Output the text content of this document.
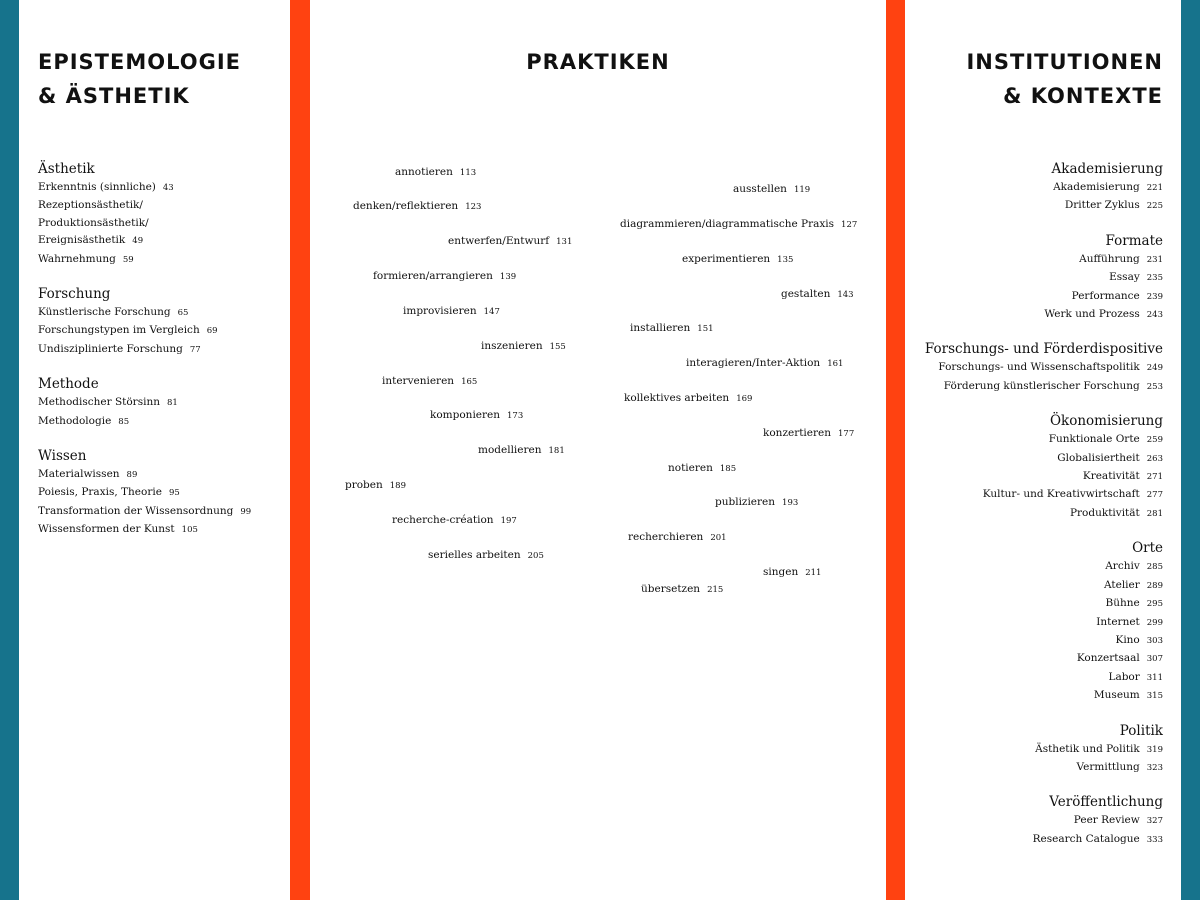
EPISTEMOLOGIE
& ÄSTHETIK
PRAKTIKEN	INSTITUTIONEN
& KONTEXTE
Ästhetik
Erkenntnis (sinnliche) 43
Rezeptionsästhetik/
Produktionsästhetik/
Ereignisästhetik 49
Wahrnehmung 59
Forschung
Künstlerische Forschung 65
Forschungstypen im Vergleich 69
Undisziplinierte Forschung 77
Methode
Methodischer Störsinn 81
Methodologie 85
Wissen
Materialwissen 89
Poiesis, Praxis, Theorie 95
Transformation der Wissensordnung 99
Wissensformen der Kunst 105
Akademisierung
Akademisierung 221
Dritter Zyklus 225
Formate
Aufführung 231
Essay 235
Performance 239
Werk und Prozess 243
Forschungs- und Förderdispositive
Forschungs- und Wissenschaftspolitik 249
Förderung künstlerischer Forschung 253
Ökonomisierung
Funktionale Orte 259
Globalisiertheit 263
Kreativität 271
Kultur- und Kreativwirtschaft 277
Produktivität 281
Orte
Archiv 285
Atelier 289
Bühne 295
Internet 299
Kino 303
Konzertsaal 307
Labor 311
Museum 315
Politik
Ästhetik und Politik 319
Vermittlung 323
Veröffentlichung
Peer Review 327
Research Catalogue 333
annotieren 113
ausstellen 119
denken/reflektieren 123
diagrammieren/diagrammatische Praxis 127
entwerfen/Entwurf 131
experimentieren 135
formieren/arrangieren 139
gestalten 143
improvisieren 147
installieren 151
inszenieren 155
interagieren/Inter-Aktion 161
intervenieren 165
kollektives arbeiten 169
komponieren 173
konzertieren 177
modellieren 181
notieren 185
proben 189
publizieren 193
recherche-création 197
recherchieren 201
serielles arbeiten 205
singen 211
übersetzen 215
